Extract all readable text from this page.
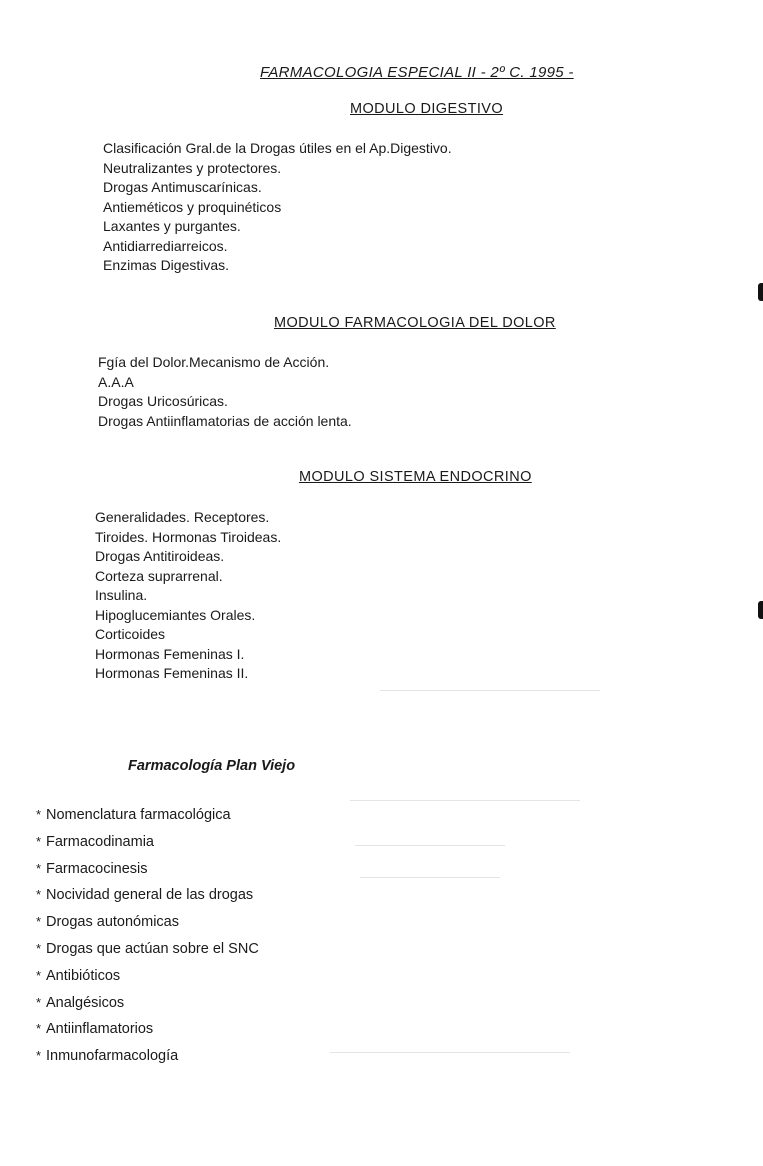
FARMACOLOGIA ESPECIAL II - 2º C. 1995 -
MODULO DIGESTIVO
Clasificación Gral.de la Drogas útiles en el Ap.Digestivo.
Neutralizantes y protectores.
Drogas Antimuscarínicas.
Antieméticos y proquinéticos
Laxantes y purgantes.
Antidiarrediarreicos.
Enzimas Digestivas.
MODULO FARMACOLOGIA DEL DOLOR
Fgía del Dolor.Mecanismo de Acción.
A.A.A
Drogas Uricosúricas.
Drogas Antiinflamatorias de acción lenta.
MODULO SISTEMA ENDOCRINO
Generalidades. Receptores.
Tiroides. Hormonas Tiroideas.
Drogas Antitiroideas.
Corteza suprarrenal.
Insulina.
Hipoglucemiantes Orales.
Corticoides
Hormonas Femeninas I.
Hormonas Femeninas II.
Farmacología Plan Viejo
* Nomenclatura farmacológica
* Farmacodinamia
* Farmacocinesis
* Nocividad general de las drogas
* Drogas autonómicas
* Drogas que actúan sobre el SNC
* Antibióticos
* Analgésicos
* Antiinflamatorios
* Inmunofarmacología
